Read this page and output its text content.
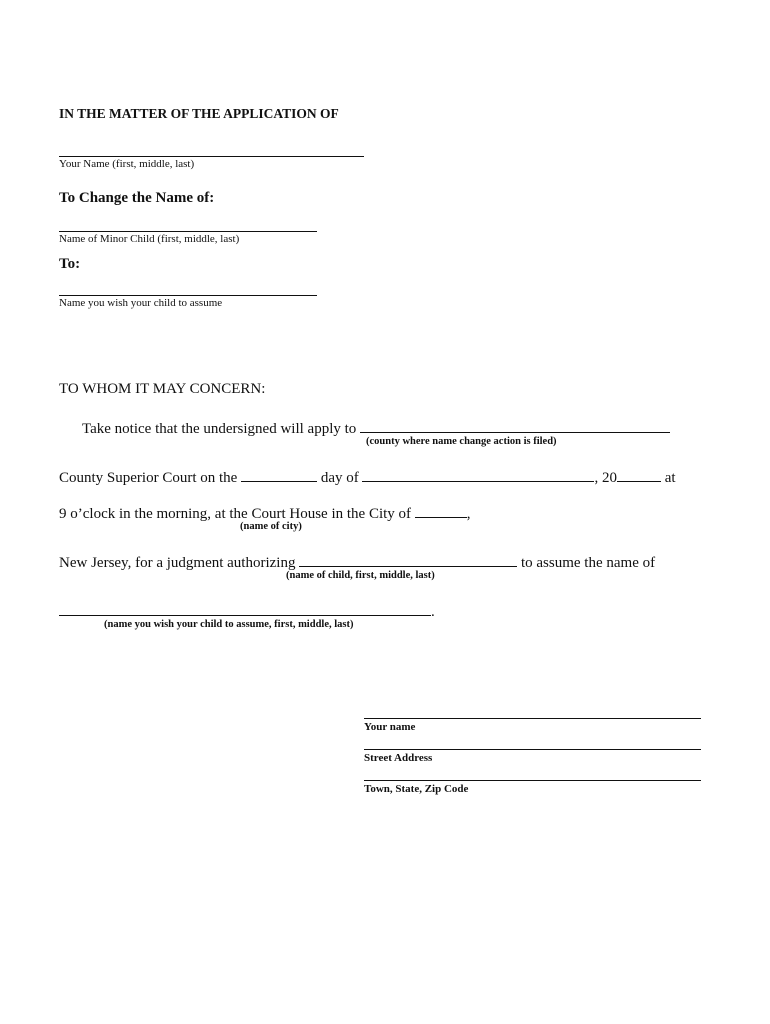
IN THE MATTER OF THE APPLICATION OF
Your Name (first, middle, last)
To Change the Name of:
Name of Minor Child (first, middle, last)
To:
Name you wish your child to assume
TO WHOM IT MAY CONCERN:
Take notice that the undersigned will apply to
(county where name change action is filed)
County Superior Court on the	day of	, 20	at
9 o’clock in the morning, at the Court House in the City of	,
(name of city)
New Jersey, for a judgment authorizing	to assume the name of
(name of child, first, middle, last)
.
(name you wish your child to assume, first, middle, last)
Your name
Street Address
Town, State, Zip Code
